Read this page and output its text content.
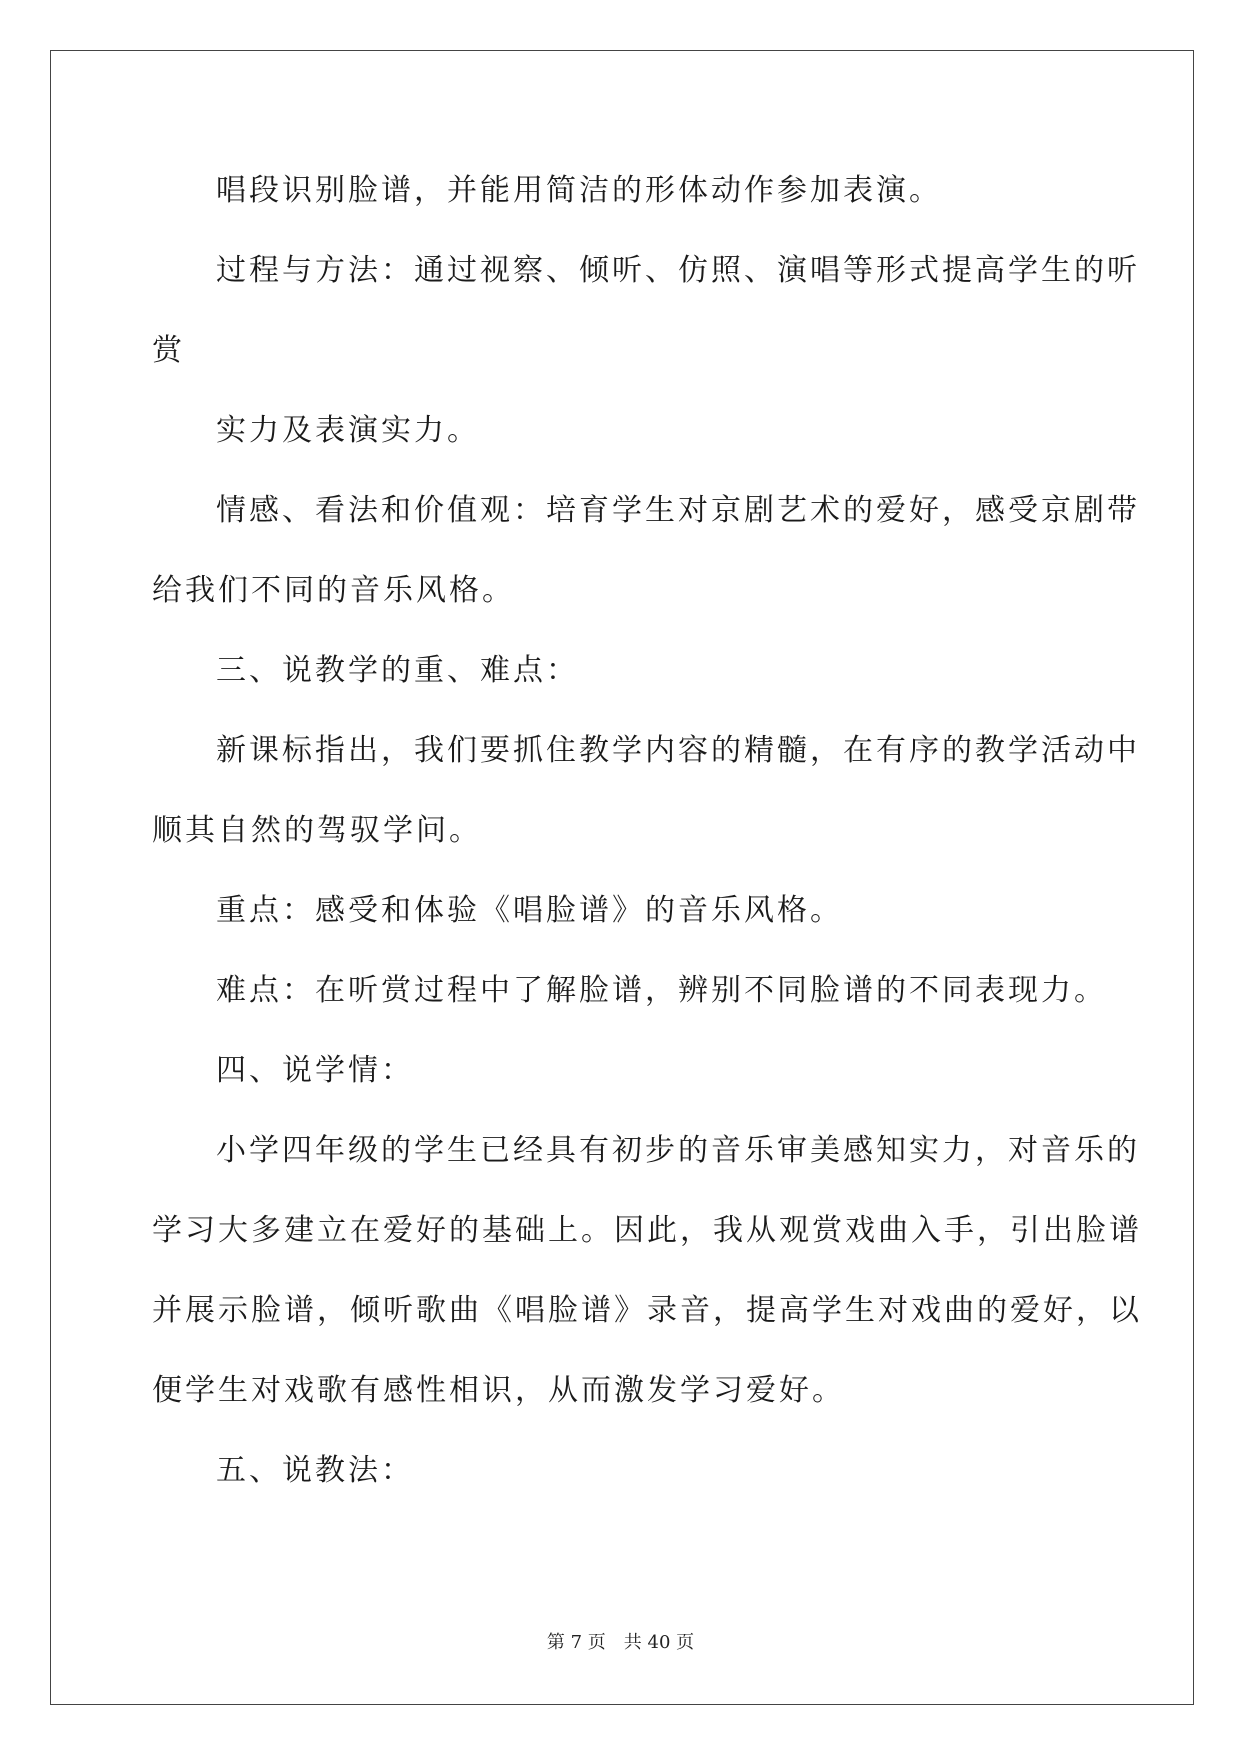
唱段识别脸谱，并能用简洁的形体动作参加表演。
过程与方法：通过视察、倾听、仿照、演唱等形式提高学生的听
赏
实力及表演实力。
情感、看法和价值观：培育学生对京剧艺术的爱好，感受京剧带
给我们不同的音乐风格。
三、说教学的重、难点：
新课标指出，我们要抓住教学内容的精髓，在有序的教学活动中
顺其自然的驾驭学问。
重点：感受和体验《唱脸谱》的音乐风格。
难点：在听赏过程中了解脸谱，辨别不同脸谱的不同表现力。
四、说学情：
小学四年级的学生已经具有初步的音乐审美感知实力，对音乐的
学习大多建立在爱好的基础上。因此，我从观赏戏曲入手，引出脸谱
并展示脸谱，倾听歌曲《唱脸谱》录音，提高学生对戏曲的爱好，以
便学生对戏歌有感性相识，从而激发学习爱好。
五、说教法：
第 7 页　共 40 页
